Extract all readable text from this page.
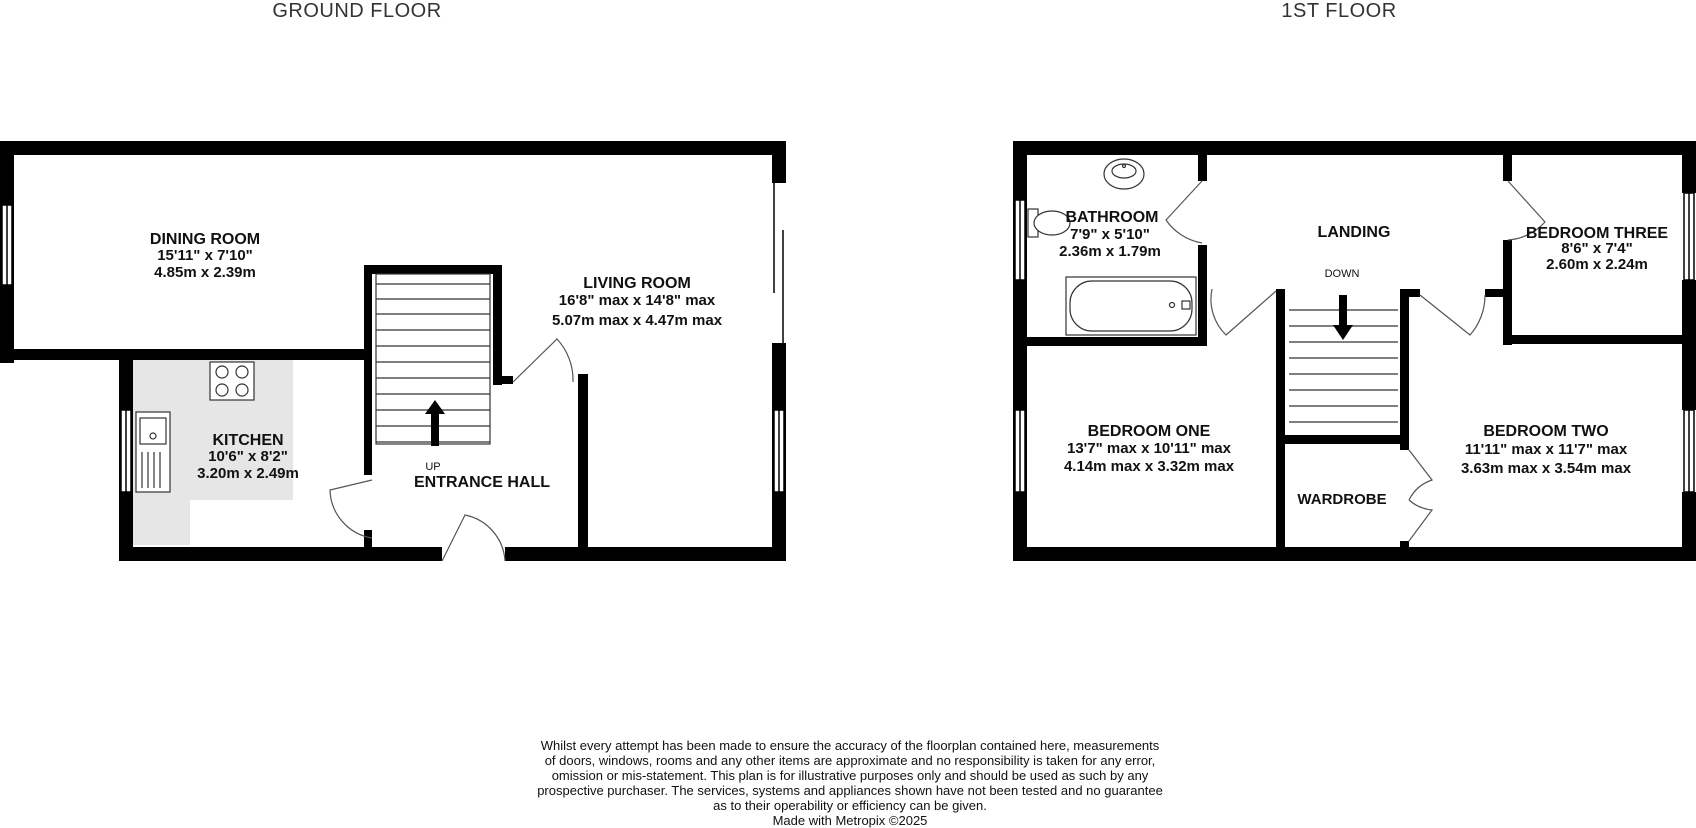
GROUND FLOOR	1ST FLOOR
DINING ROOM
15'11" x 7'10"
4.85m x 2.39m
LIVING ROOM
16'8" max x 14'8" max
5.07m max x 4.47m max
KITCHEN
10'6" x 8'2"
3.20m x 2.49m	UP
ENTRANCE HALL
BATHROOM
7'9" x 5'10"
2.36m x 1.79m
LANDING
DOWN
BEDROOM THREE
8'6" x 7'4"
2.60m x 2.24m
BEDROOM ONE
13'7" max x 10'11" max
4.14m max x 3.32m max
BEDROOM TWO
11'11" max x 11'7" max
3.63m max x 3.54m max
WARDROBE
Whilst every attempt has been made to ensure the accuracy of the floorplan contained here, measurements
of doors, windows, rooms and any other items are approximate and no responsibility is taken for any error,
omission or mis-statement. This plan is for illustrative purposes only and should be used as such by any
prospective purchaser. The services, systems and appliances shown have not been tested and no guarantee
as to their operability or efficiency can be given.
Made with Metropix ©2025
